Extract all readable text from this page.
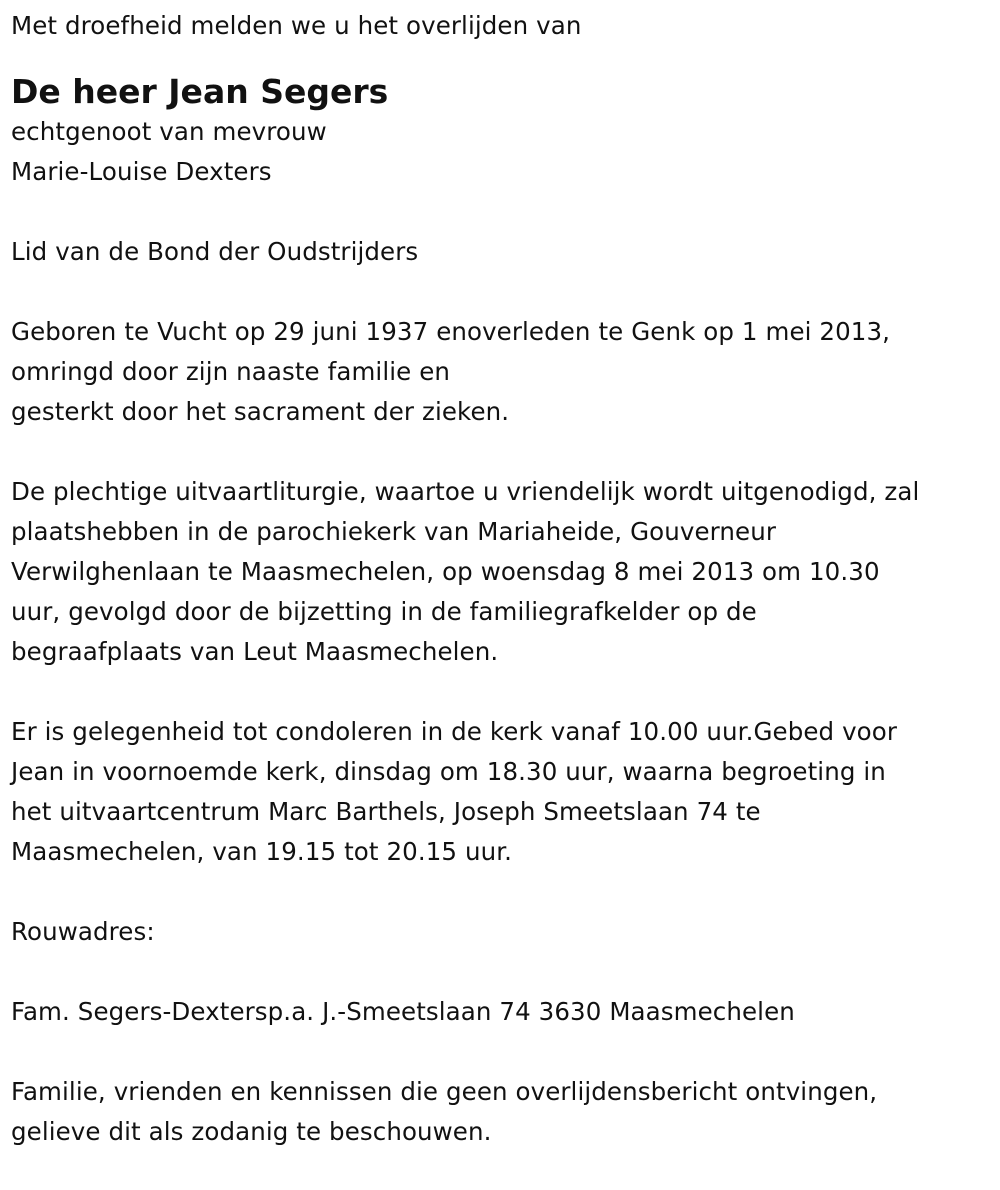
Met droefheid melden we u het overlijden van
De heer Jean Segers
echtgenoot van mevrouw
Marie-Louise Dexters
Lid van de Bond der Oudstrijders
Geboren te Vucht op 29 juni 1937 enoverleden te Genk op 1 mei 2013,
omringd door zijn naaste familie en
gesterkt door het sacrament der zieken.
De plechtige uitvaartliturgie, waartoe u vriendelijk wordt uitgenodigd, zal
plaatshebben in de parochiekerk van Mariaheide, Gouverneur
Verwilghenlaan te Maasmechelen, op woensdag 8 mei 2013 om 10.30
uur, gevolgd door de bijzetting in de familiegrafkelder op de
begraafplaats van Leut Maasmechelen.
Er is gelegenheid tot condoleren in de kerk vanaf 10.00 uur.Gebed voor
Jean in voornoemde kerk, dinsdag om 18.30 uur, waarna begroeting in
het uitvaartcentrum Marc Barthels, Joseph Smeetslaan 74 te
Maasmechelen, van 19.15 tot 20.15 uur.
Rouwadres:
Fam. Segers-Dextersp.a. J.-Smeetslaan 74 3630 Maasmechelen
Familie, vrienden en kennissen die geen overlijdensbericht ontvingen,
gelieve dit als zodanig te beschouwen.
